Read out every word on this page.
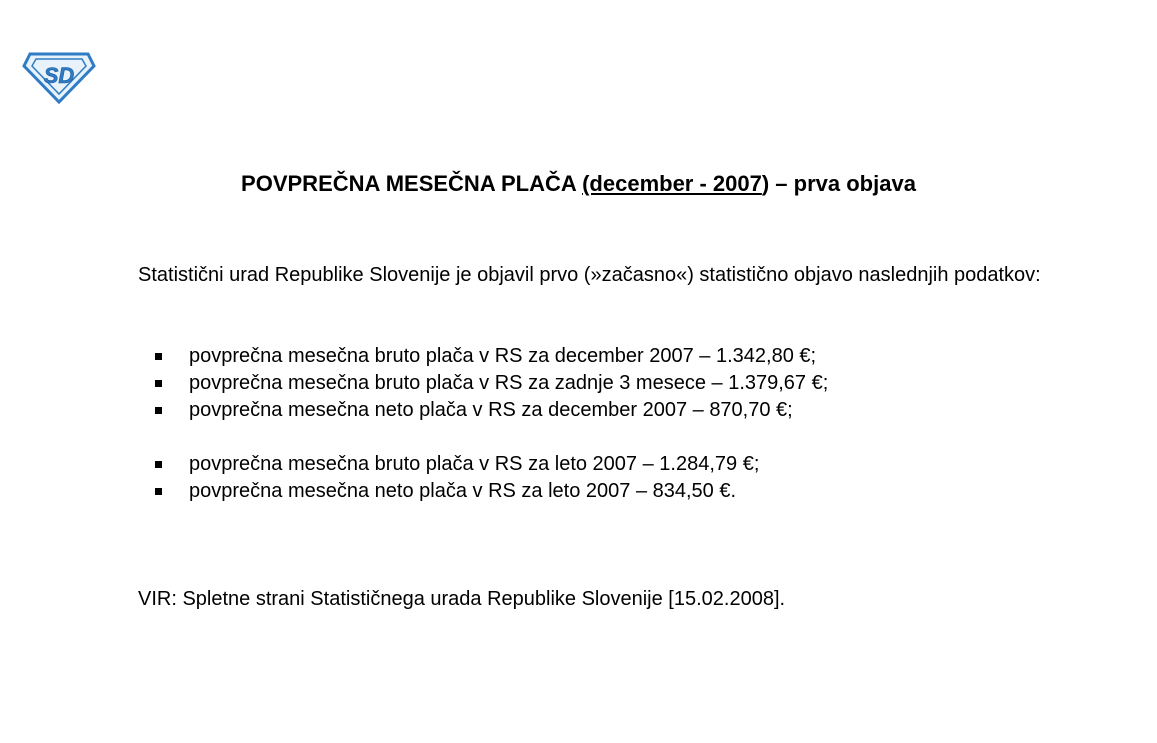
SD
POVPREČNA MESEČNA PLAČA (december - 2007) – prva objava
Statistični urad Republike Slovenije je objavil prvo (»začasno«) statistično objavo naslednjih podatkov:
povprečna mesečna bruto plača v RS za december 2007 – 1.342,80 €;
povprečna mesečna bruto plača v RS za zadnje 3 mesece – 1.379,67 €;
povprečna mesečna neto plača v RS za december 2007 – 870,70 €;
povprečna mesečna bruto plača v RS za leto 2007 – 1.284,79 €;
povprečna mesečna neto plača v RS za leto 2007 – 834,50 €.
VIR: Spletne strani Statističnega urada Republike Slovenije [15.02.2008].
